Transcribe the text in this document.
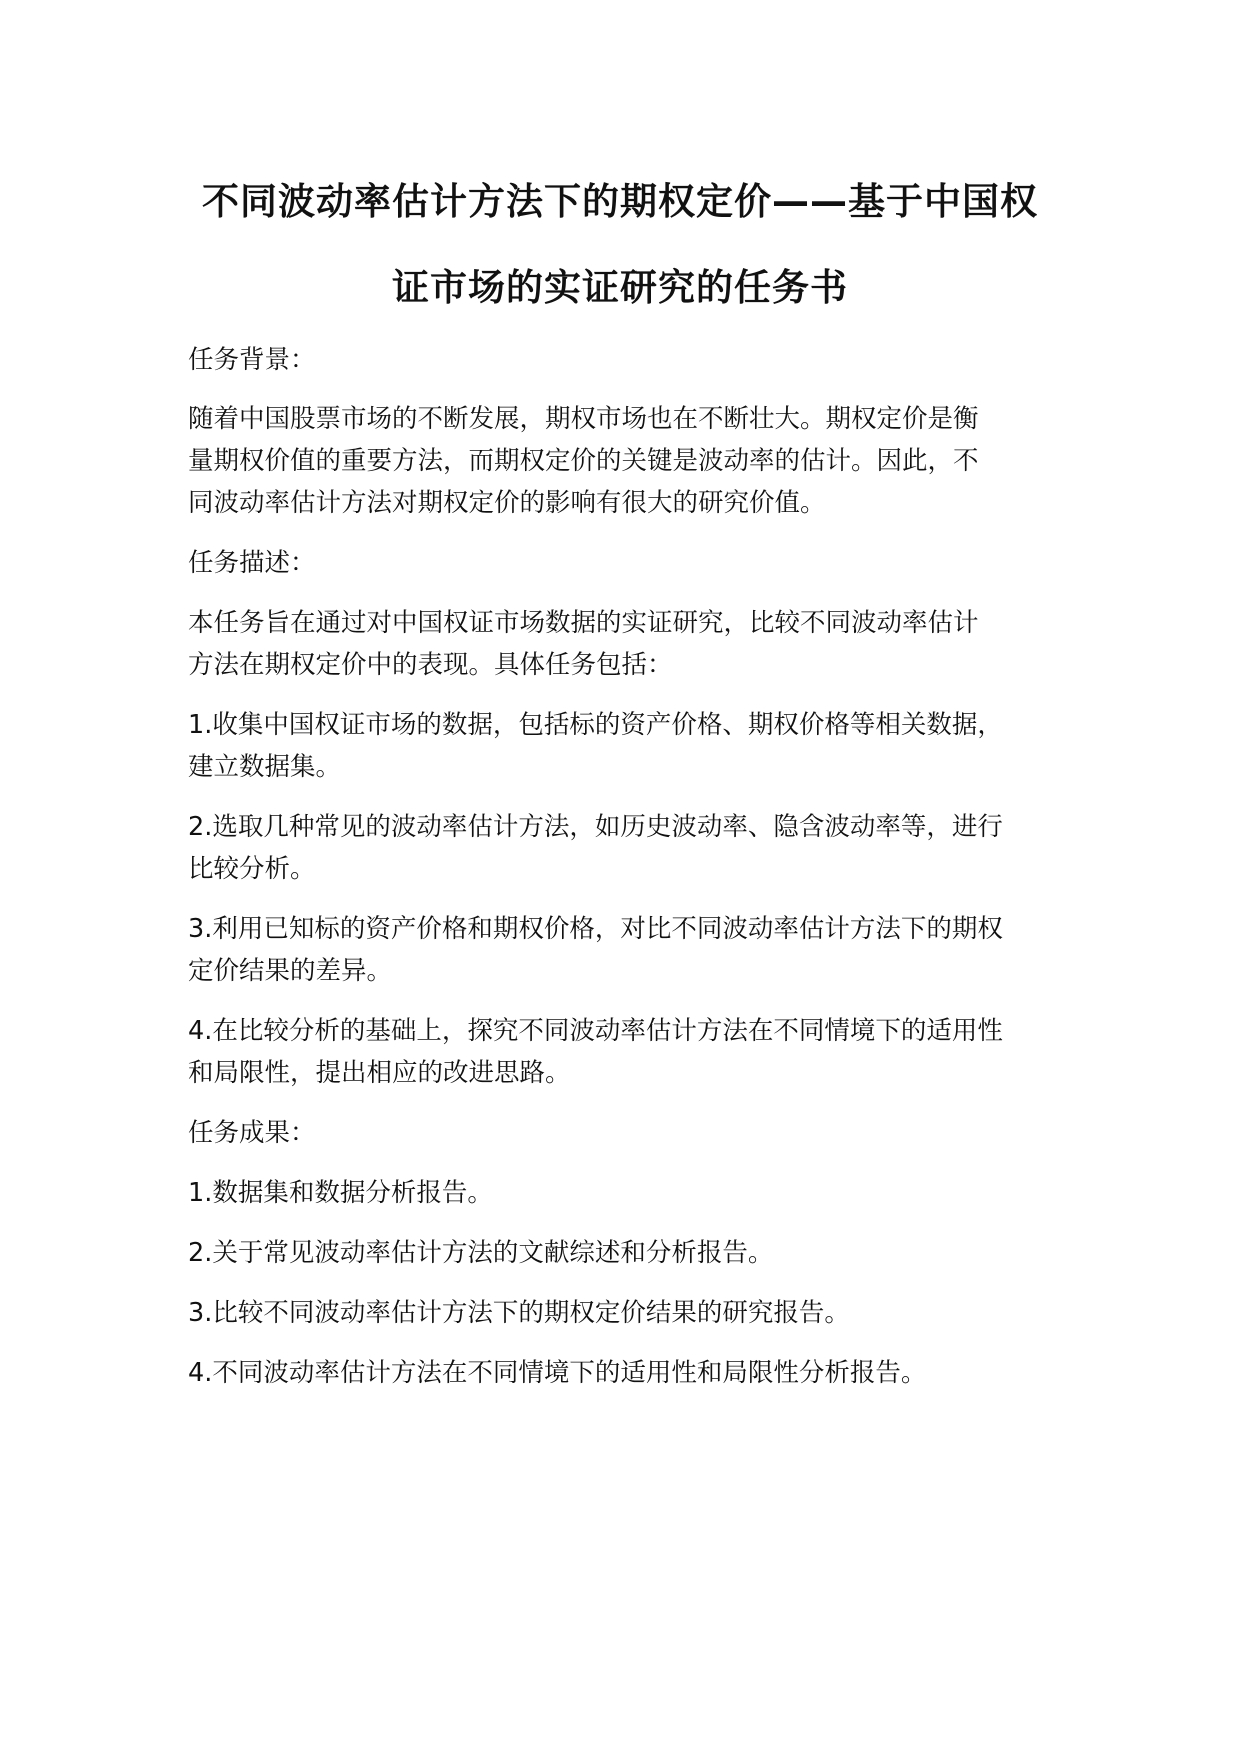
不同波动率估计方法下的期权定价——基于中国权
证市场的实证研究的任务书

任务背景：

随着中国股票市场的不断发展，期权市场也在不断壮大。期权定价是衡

量期权价值的重要方法，而期权定价的关键是波动率的估计。因此，不

同波动率估计方法对期权定价的影响有很大的研究价值。

任务描述：

本任务旨在通过对中国权证市场数据的实证研究，比较不同波动率估计

方法在期权定价中的表现。具体任务包括：

1.收集中国权证市场的数据，包括标的资产价格、期权价格等相关数据，

建立数据集。

2.选取几种常见的波动率估计方法，如历史波动率、隐含波动率等，进行

比较分析。

3.利用已知标的资产价格和期权价格，对比不同波动率估计方法下的期权

定价结果的差异。

4.在比较分析的基础上，探究不同波动率估计方法在不同情境下的适用性

和局限性，提出相应的改进思路。

任务成果：

1.数据集和数据分析报告。

2.关于常见波动率估计方法的文献综述和分析报告。

3.比较不同波动率估计方法下的期权定价结果的研究报告。

4.不同波动率估计方法在不同情境下的适用性和局限性分析报告。
